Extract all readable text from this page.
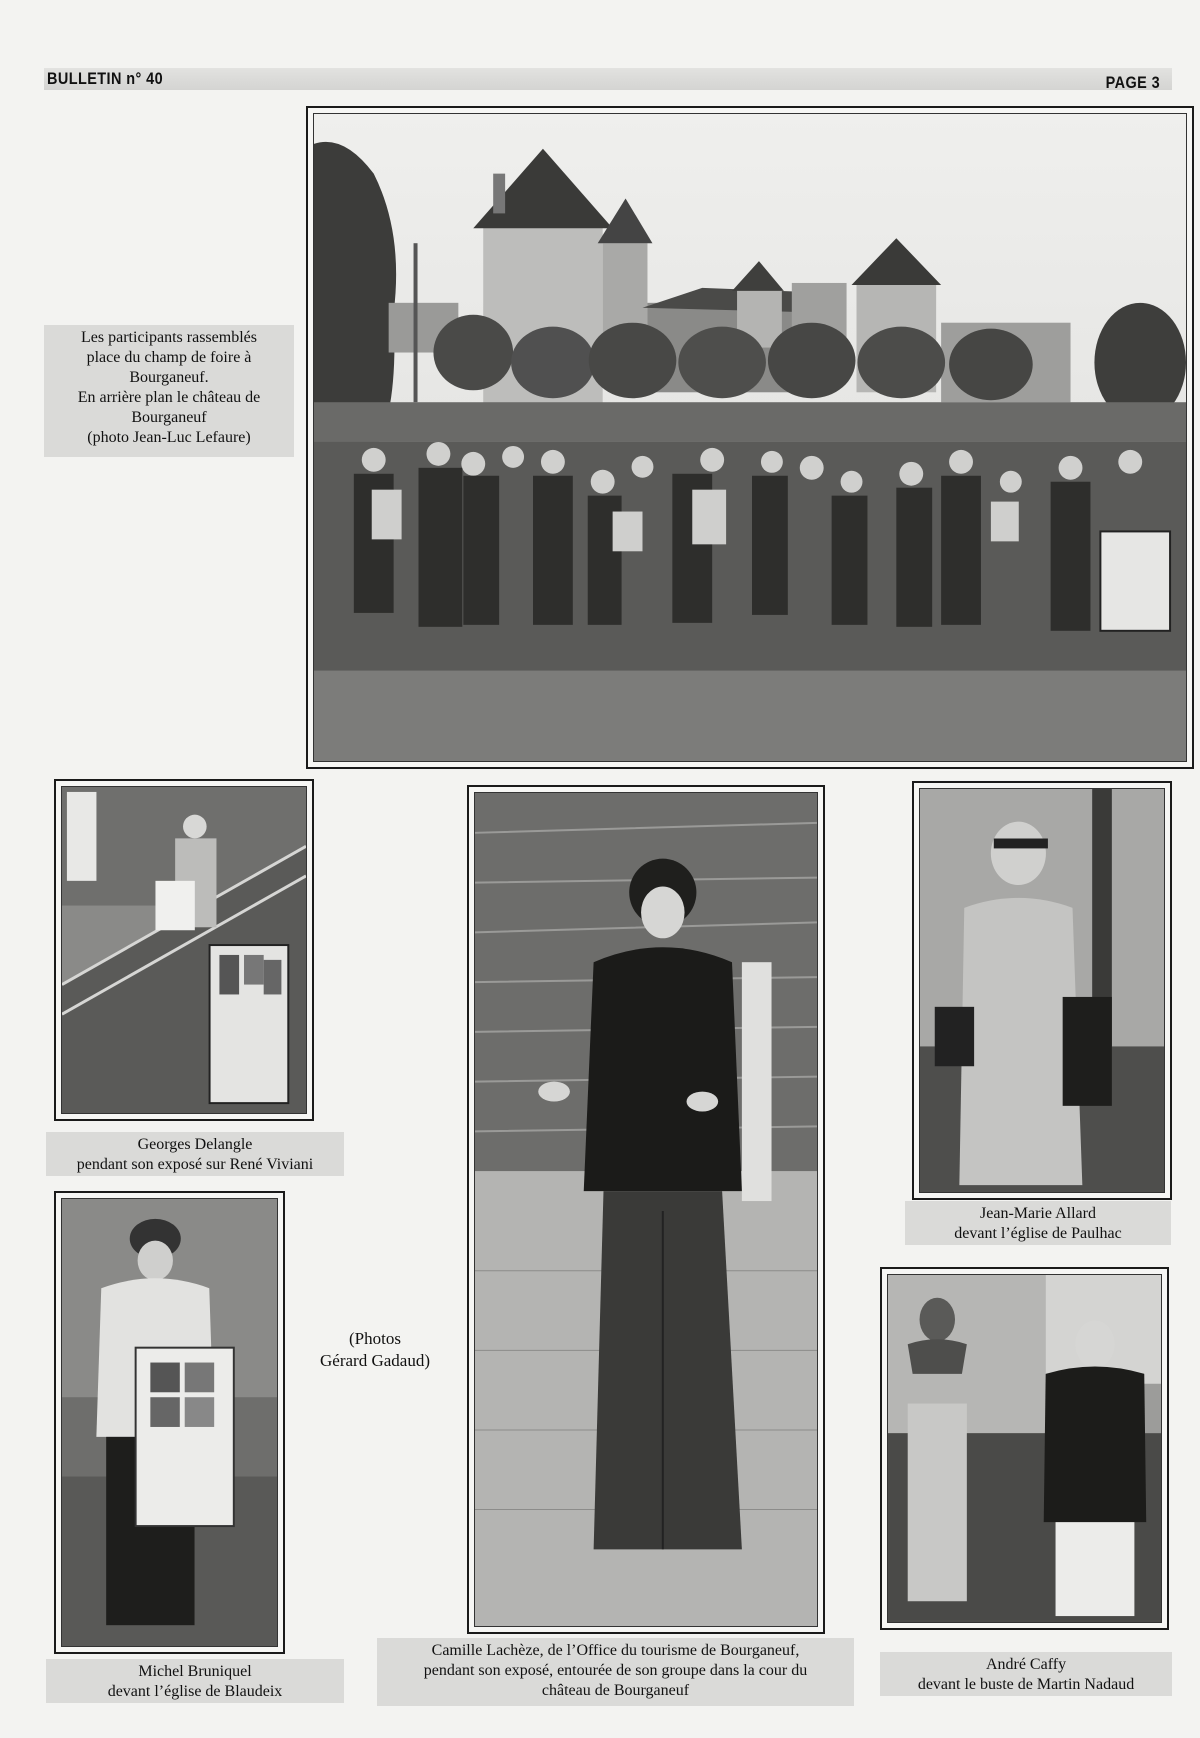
BULLETIN n° 40	PAGE 3
Les participants rassemblés
place du champ de foire à
Bourganeuf.
En arrière plan le château de
Bourganeuf
(photo Jean-Luc Lefaure)
Georges Delangle
pendant son exposé sur René Viviani
Camille Lachèze, de l’Office du tourisme de Bourganeuf,
pendant son exposé, entourée de son groupe dans la cour du
château de Bourganeuf
Jean-Marie Allard
devant l’église de Paulhac
(Photos
Gérard Gadaud)
Michel Bruniquel
devant l’église de Blaudeix
André Caffy
devant le buste de Martin Nadaud
